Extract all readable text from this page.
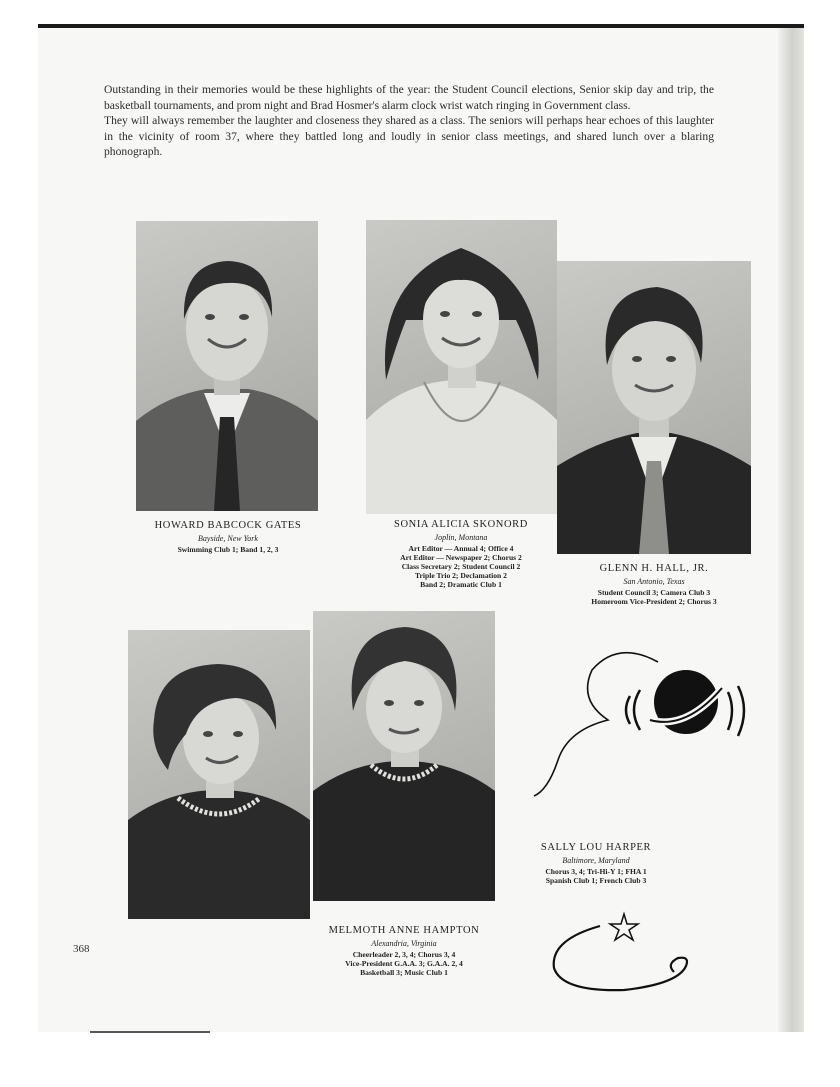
Outstanding in their memories would be these highlights of the year: the Student Council elections, Senior skip day and trip, the basketball tournaments, and prom night and Brad Hosmer's alarm clock wrist watch ringing in Government class.

They will always remember the laughter and closeness they shared as a class. The seniors will perhaps hear echoes of this laughter in the vicinity of room 37, where they battled long and loudly in senior class meetings, and shared lunch over a blaring phonograph.

HOWARD BABCOCK GATES
Bayside, New York
Swimming Club 1; Band 1, 2, 3
SONIA ALICIA SKONORD
Joplin, Montana
Art Editor — Annual 4; Office 4
Art Editor — Newspaper 2; Chorus 2
Class Secretary 2; Student Council 2
Triple Trio 2; Declamation 2
Band 2; Dramatic Club 1
GLENN H. HALL, JR.
San Antonio, Texas
Student Council 3; Camera Club 3
Homeroom Vice-President 2; Chorus 3
MELMOTH ANNE HAMPTON
Alexandria, Virginia
Cheerleader 2, 3, 4; Chorus 3, 4
Vice-President G.A.A. 3; G.A.A. 2, 4
Basketball 3; Music Club 1
SALLY LOU HARPER
Baltimore, Maryland
Chorus 3, 4; Tri-Hi-Y 1; FHA 1
Spanish Club 1; French Club 3
368
